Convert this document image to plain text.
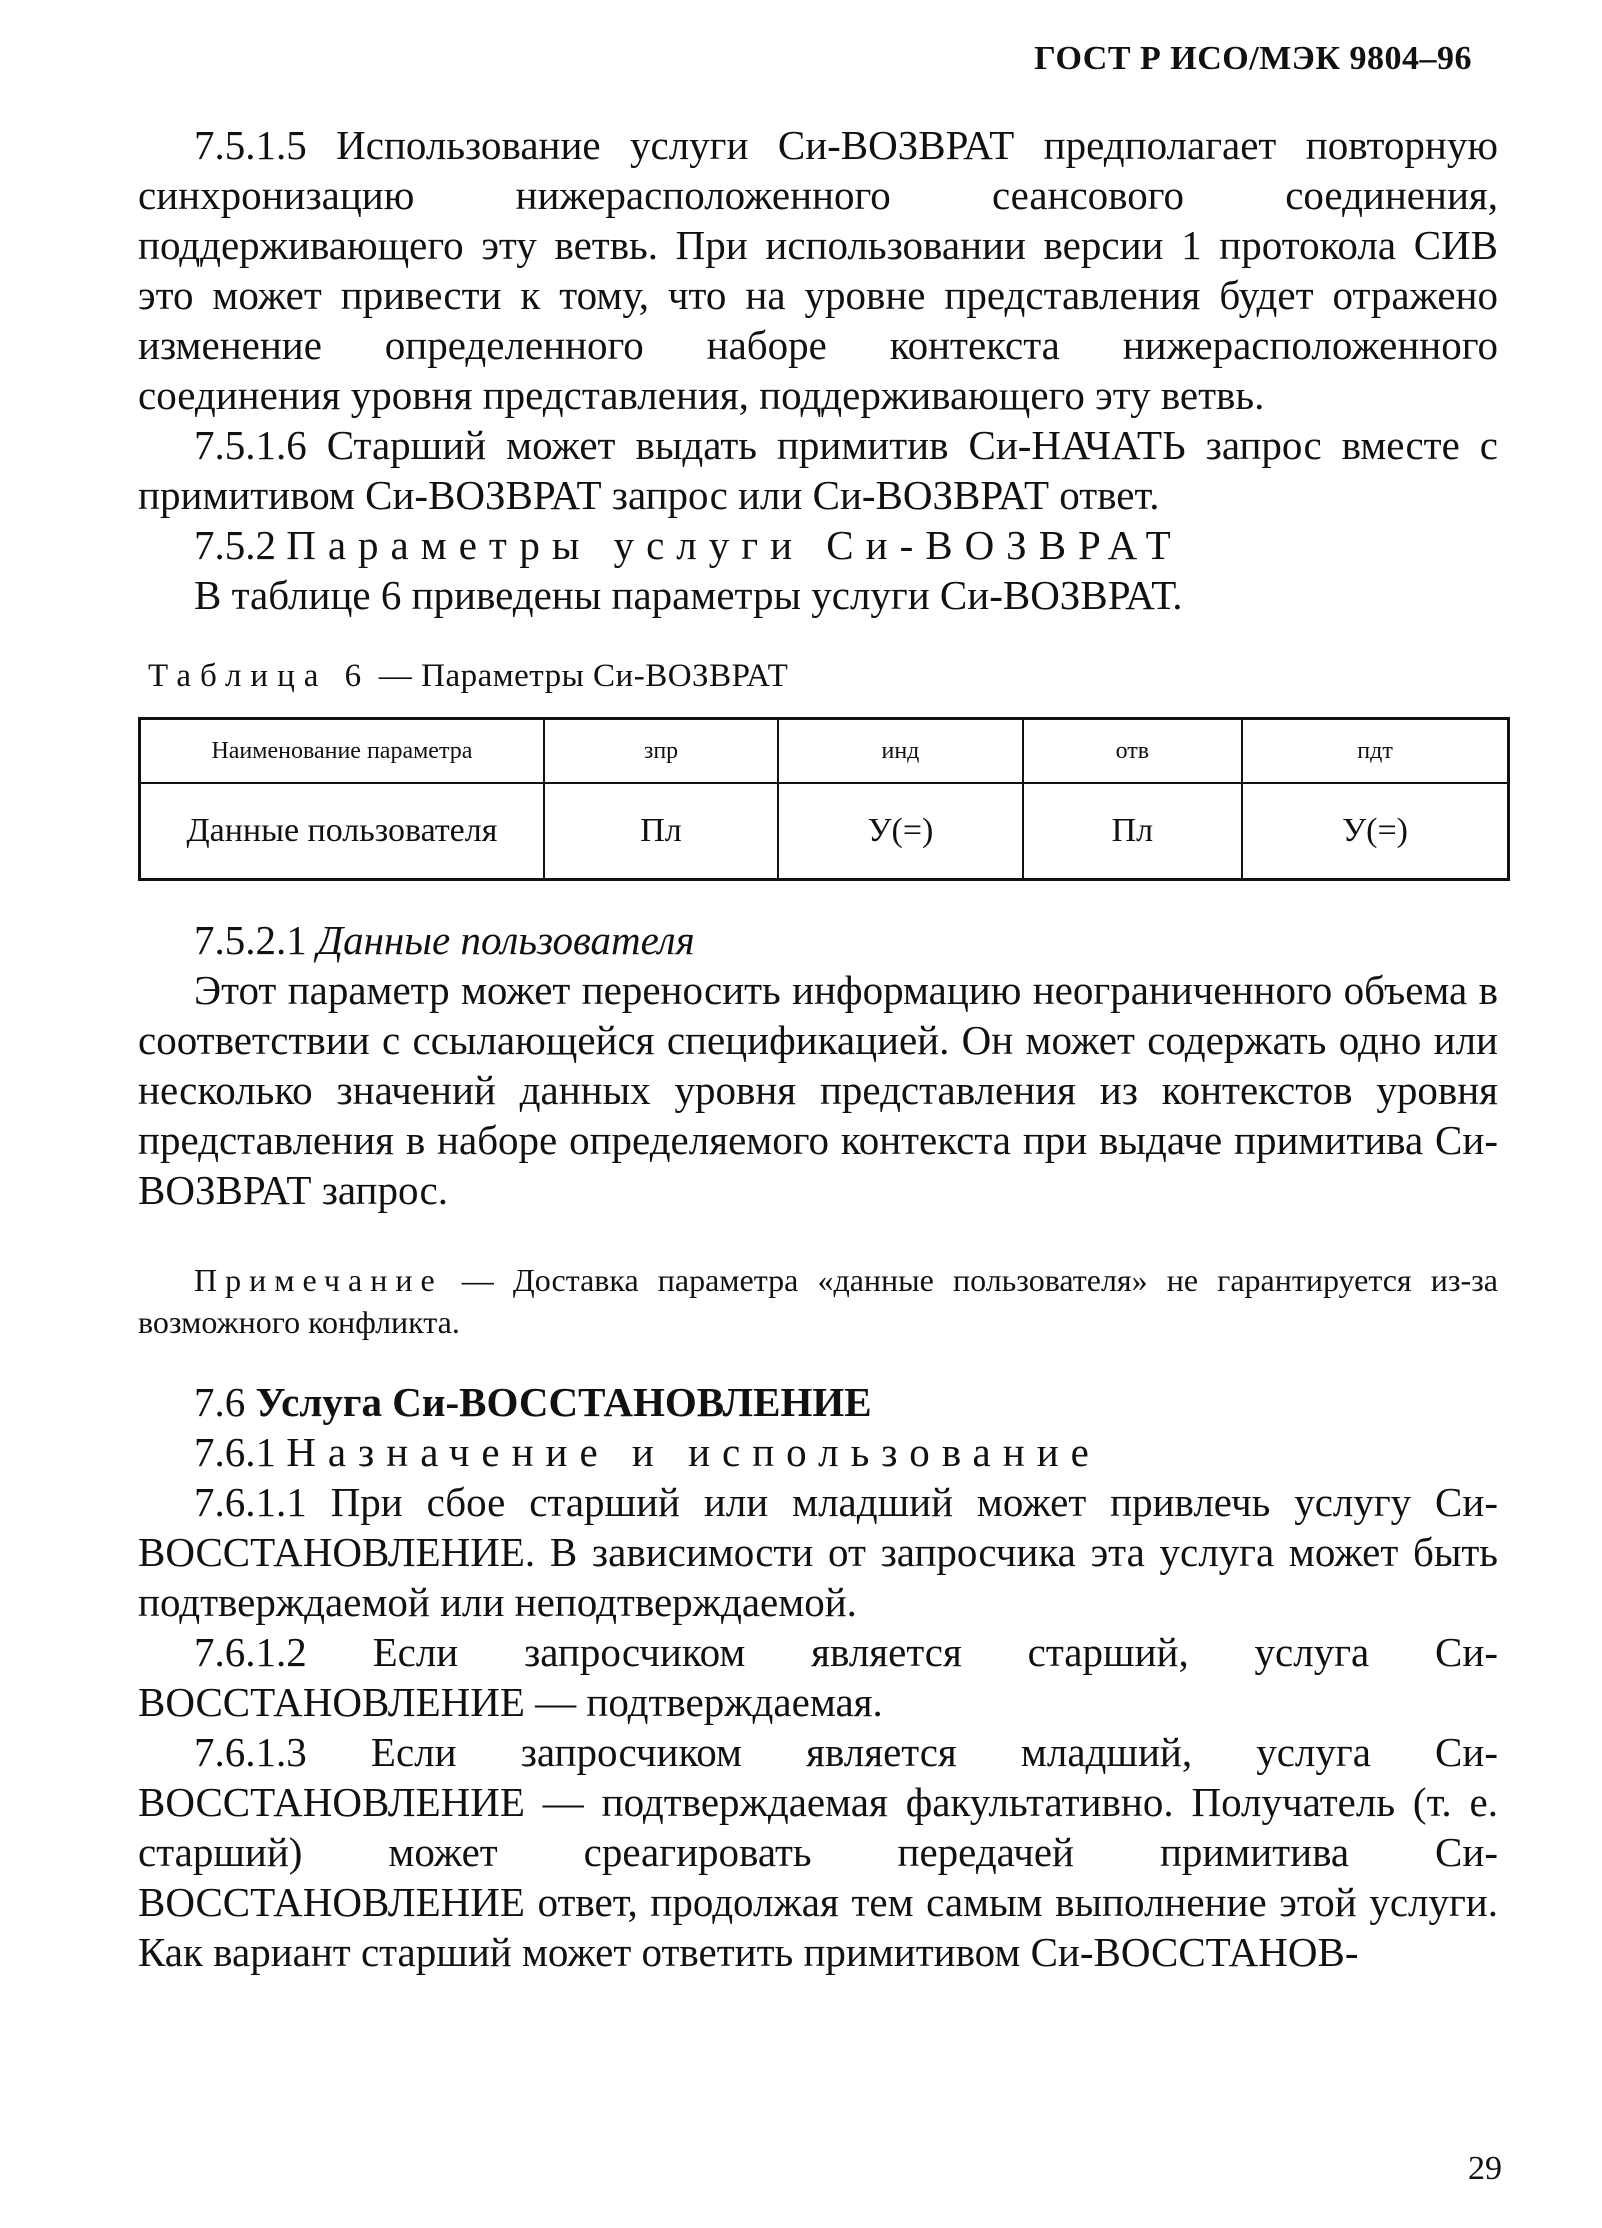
ГОСТ Р ИСО/МЭК 9804–96

7.5.1.5 Использование услуги Си-ВОЗВРАТ предполагает повторную синхронизацию нижерасположенного сеансового соединения, поддерживающего эту ветвь. При использовании версии 1 протокола СИВ это может привести к тому, что на уровне представления будет отражено изменение определенного наборе контекста нижерасположенного соединения уровня представления, поддерживающего эту ветвь.

7.5.1.6 Старший может выдать примитив Си-НАЧАТЬ запрос вместе с примитивом Си-ВОЗВРАТ запрос или Си-ВОЗВРАТ ответ.

7.5.2 Параметры услуги Си-ВОЗВРАТ

В таблице 6 приведены параметры услуги Си-ВОЗВРАТ.

Таблица 6 — Параметры Си-ВОЗВРАТ
Наименование параметра	зпр	инд	отв	пдт
Данные пользователя	Пл	У(=)	Пл	У(=)

7.5.2.1 Данные пользователя

Этот параметр может переносить информацию неограниченного объема в соответствии с ссылающейся спецификацией. Он может содержать одно или несколько значений данных уровня представления из контекстов уровня представления в наборе определяемого контекста при выдаче примитива Си-ВОЗВРАТ запрос.

Примечание — Доставка параметра «данные пользователя» не гарантируется из-за возможного конфликта.

7.6 Услуга Си-ВОССТАНОВЛЕНИЕ

7.6.1 Назначение и использование

7.6.1.1 При сбое старший или младший может привлечь услугу Си-ВОССТАНОВЛЕНИЕ. В зависимости от запросчика эта услуга может быть подтверждаемой или неподтверждаемой.

7.6.1.2 Если запросчиком является старший, услуга Си-ВОССТАНОВЛЕНИЕ — подтверждаемая.

7.6.1.3 Если запросчиком является младший, услуга Си-ВОССТАНОВЛЕНИЕ — подтверждаемая факультативно. Получатель (т. е. старший) может среагировать передачей примитива Си-ВОССТАНОВЛЕНИЕ ответ, продолжая тем самым выполнение этой услуги. Как вариант старший может ответить примитивом Си-ВОССТАНОВ-

29
